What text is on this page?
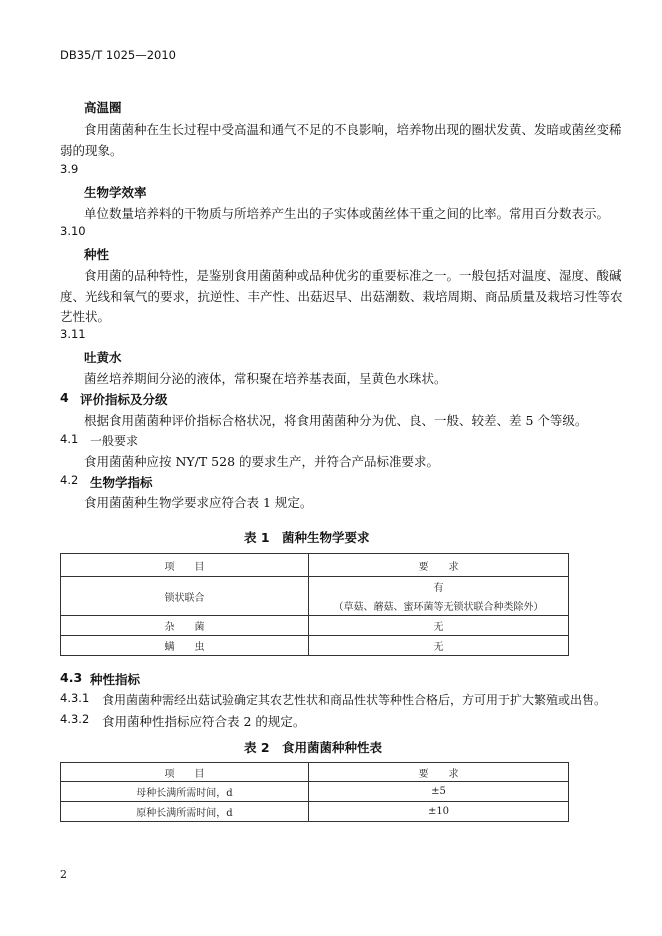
DB35/T 1025—2010
高温圈
食用菌菌种在生长过程中受高温和通气不足的不良影响，培养物出现的圈状发黄、发暗或菌丝变稀
弱的现象。
3.9
生物学效率
单位数量培养料的干物质与所培养产生出的子实体或菌丝体干重之间的比率。常用百分数表示。
3.10
种性
食用菌的品种特性，是鉴别食用菌菌种或品种优劣的重要标准之一。一般包括对温度、湿度、酸碱
度、光线和氧气的要求，抗逆性、丰产性、出菇迟早、出菇潮数、栽培周期、商品质量及栽培习性等农
艺性状。
3.11
吐黄水
菌丝培养期间分泌的液体，常积聚在培养基表面，呈黄色水珠状。
4 评价指标及分级
根据食用菌菌种评价指标合格状况，将食用菌菌种分为优、良、一般、较差、差 5 个等级。
4.1 一般要求
食用菌菌种应按 NY/T 528 的要求生产，并符合产品标准要求。
4.2 生物学指标
食用菌菌种生物学要求应符合表 1 规定。
表 1　菌种生物学要求
项　　目	要　　求
锁状联合	有
（草菇、蘑菇、蜜环菌等无锁状联合种类除外）

杂　　菌	无
螨　　虫	无
4.3 种性指标
4.3.1 食用菌菌种需经出菇试验确定其农艺性状和商品性状等种性合格后，方可用于扩大繁殖或出售。
4.3.2 食用菌种性指标应符合表 2 的规定。
表 2　食用菌菌种种性表
项　　目	要　　求
母种长满所需时间，d	±5
原种长满所需时间，d	±10
2
